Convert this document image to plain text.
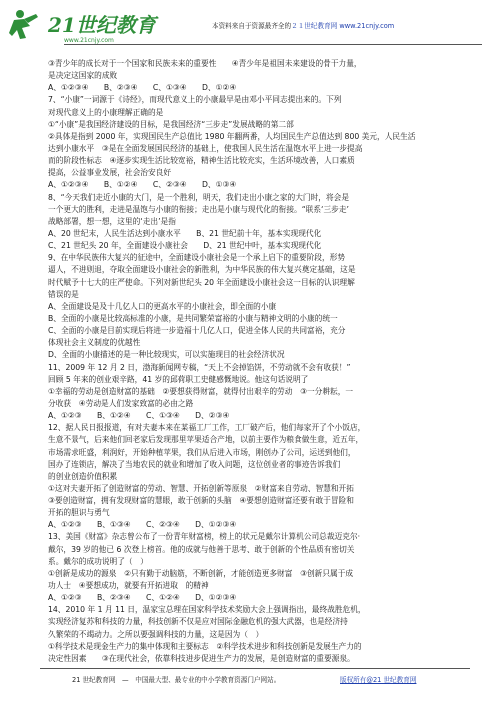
21世纪教育
www.21cnjy.com
本资料来自于资源最齐全的２１世纪教育网 www.21cnjy.com
③青少年的成长对于一个国家和民族未来的重要性　　④青少年是祖国未来建设的骨干力量，
是决定这国家的成败
A、①②③④　　B、②③④　　C、①③④　　D、①②④
7、“小康”一词源于《诗经》，而现代意义上的小康最早是由邓小平同志提出来的。下列
对现代意义上的小康理解正确的是
①“小康”是我国经济建设的目标，是我国经济“三步走”发展战略的第二部
②具体是指到 2000 年，实现国民生产总值比 1980 年翻两番，人均国民生产总值达到 800 美元，人民生活
达到小康水平　③是在全面发展国民经济的基础上，使我国人民生活在温饱水平上进一步提高
而的阶段性标志　④逐步实现生活比较宽裕，精神生活比较充实，生活环境改善，人口素质
提高，公益事业发展，社会治安良好
A、①②③④　　B、①②④　　C、②③④　　D、①③④
8、“今天我们走近小康的大门，是一个胜利，明天，我们走出小康之家的大门时，将会是
一个更大的胜利，走进是温饱与小康的衔接；走出是小康与现代化的衔接。“联系‘三步走’
战略部署，想一想，这里的‘走出’是指
A、20 世纪末，人民生活达到小康水平　　B、21 世纪前十年，基本实现现代化
C、21 世纪头 20 年，全面建设小康社会　　D、21 世纪中叶，基本实现现代化
9、在中华民族伟大复兴的征途中，全面建设小康社会是一个承上启下的重要阶段，形势
逼人，不进则退，夺取全面建设小康社会的新胜利，为中华民族的伟大复兴奠定基础，这是
时代赋予十七大的庄严使命。下列对新世纪头 20 年全面建设小康社会这一目标的认识理解
错误的是
A、全面建设是及十几亿人口的更高水平的小康社会，即全面的小康
B、全面的小康是比较高标准的小康，是共同繁荣富裕的小康与精神文明的小康的统一
C、全面的小康是目前实现后将进一步造福十几亿人口，促进全体人民的共同富裕，充分
体现社会主义制度的优越性
D、全面的小康描述的是一种比较现实，可以实施现目的社会经济状况
11、2009 年 12 月 2 日，渤海新闻网专稿，“天上不会掉馅饼，不劳动就不会有收获！”
回顾 5 年来的创业艰辛路，41 岁的邱荷职工史健感慨地说。他这句话说明了
①幸福的劳动是创造财富的基础　②要想获得财富，就得付出艰辛的劳动　③一分耕耘，一
分收获　④劳动是人们发家致富的必由之路
A、①②③　　B、①②④　　C、①③④　　D、②③④
12、据人民日报报道，有对夫妻本来在某福工厂工作，工厂破产后，他们每家开了个小饭店，
生意不景气，后来他们回老家后发现那里苹果适合产地，以前主要作为粮食做生意，近五年，
市场需求旺盛，利润好，开始种植苹果，我们从后进入市场，刚创办了公司，运送到他们，
国办了连锁店，解决了当地农民的就业和增加了收入问题，这位创业者的事迹告诉我们
的创业创造价值积累
①这对夫妻开拓了创造财富的劳动、智慧、开拓创新等原泉　②财富来自劳动、智慧和开拓
③要创造财富，拥有发现财富的慧眼，敢于创新的头脑　④要想创造财富还要有敢于冒险和
开拓的胆识与勇气
A、①②③　　B、①③④　　C、②③④　　D、①②③④
13、美国《财富》杂志曾公布了一份青年财富榜，榜上的状元是戴尔计算机公司总裁迈克尔·
戴尔，39 岁的他已 6 次登上榜首。他的成就与他善于思考、敢于创新的个性品质有密切关
系。戴尔的成功说明了（　）
①创新是成功的源泉　②只有勤于动脑筋，不断创新，才能创造更多财富　③创新只属于成
功人士　④要想成功，就要有开拓进取　的精神
A、①②③　　B、②③④　　C、①②④　　D、①②③④
14、2010 年 1 月 11 日，温家宝总理在国家科学技术奖励大会上强调指出，最终战胜危机，
实现经济复苏和科技的力量，科技创新不仅是应对国际金融危机的强大武器，也是经济持
久繁荣的不竭动力。之所以要强调科技的力量，这是因为（　）
①科学技术是现金生产力的集中体现和主要标志　②科学技术进步和科技创新是发展生产力的
决定性因素　　③在现代社会，依靠科技进步促进生产力的发展，是创造财富的重要源泉。
21 世纪教育网　—　中国最大型、最专业的中小学教育资源门户网站。	版权所有@21 世纪教育网
